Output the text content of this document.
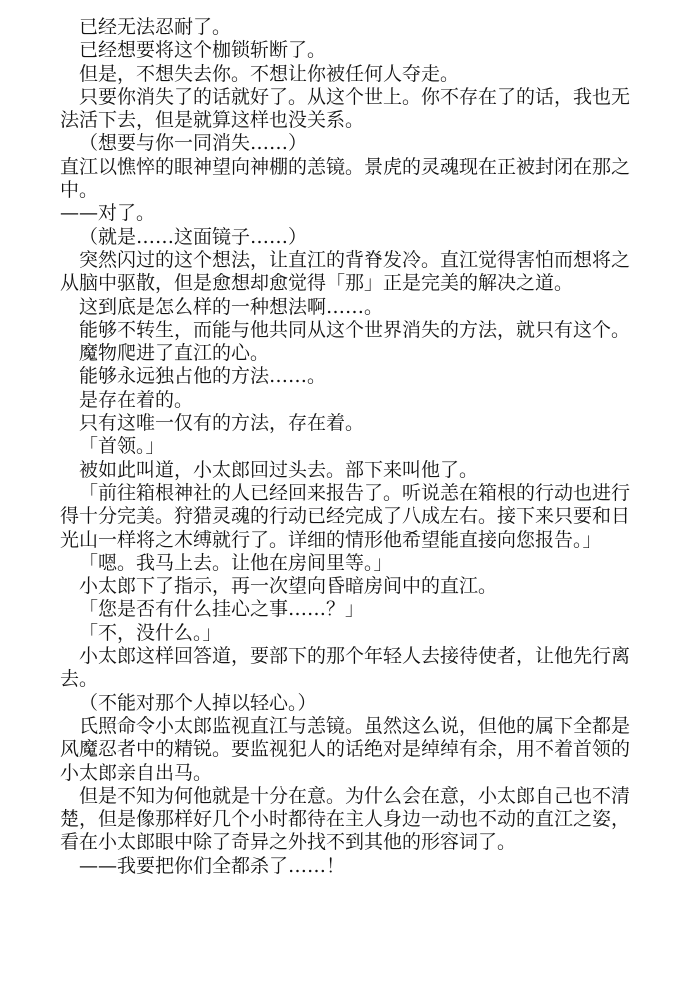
已经无法忍耐了。

已经想要将这个枷锁斩断了。

但是，不想失去你。不想让你被任何人夺走。

只要你消失了的话就好了。从这个世上。你不存在了的话，我也无法活下去，但是就算这样也没关系。

（想要与你一同消失……）

直江以憔悴的眼神望向神棚的恙镜。景虎的灵魂现在正被封闭在那之中。

——对了。

（就是……这面镜子……）

突然闪过的这个想法，让直江的背脊发冷。直江觉得害怕而想将之从脑中驱散，但是愈想却愈觉得「那」正是完美的解决之道。

这到底是怎么样的一种想法啊……。

能够不转生，而能与他共同从这个世界消失的方法，就只有这个。

魔物爬进了直江的心。

能够永远独占他的方法……。

是存在着的。

只有这唯一仅有的方法，存在着。

「首领。」

被如此叫道，小太郎回过头去。部下来叫他了。

「前往箱根神社的人已经回来报告了。听说恙在箱根的行动也进行得十分完美。狩猎灵魂的行动已经完成了八成左右。接下来只要和日光山一样将之木缚就行了。详细的情形他希望能直接向您报告。」

「嗯。我马上去。让他在房间里等。」

小太郎下了指示，再一次望向昏暗房间中的直江。

「您是否有什么挂心之事……？」

「不，没什么。」

小太郎这样回答道，要部下的那个年轻人去接待使者，让他先行离去。

（不能对那个人掉以轻心。）

氏照命令小太郎监视直江与恙镜。虽然这么说，但他的属下全都是风魔忍者中的精锐。要监视犯人的话绝对是绰绰有余，用不着首领的小太郎亲自出马。

但是不知为何他就是十分在意。为什么会在意，小太郎自己也不清楚，但是像那样好几个小时都待在主人身边一动也不动的直江之姿，看在小太郎眼中除了奇异之外找不到其他的形容词了。

——我要把你们全都杀了……！
